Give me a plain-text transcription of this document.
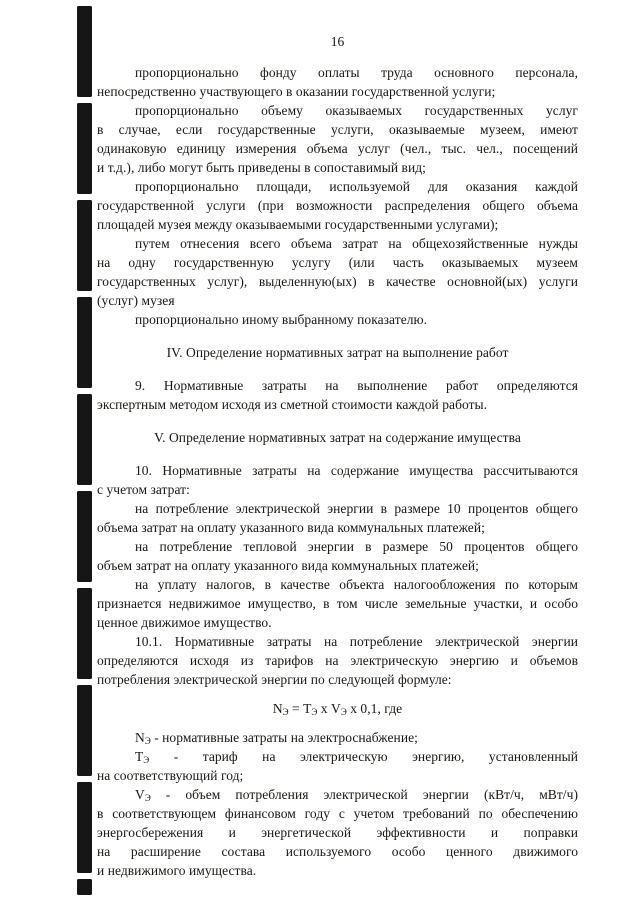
16

пропорционально фонду оплаты труда основного персонала,
непосредственно участвующего в оказании государственной услуги;

пропорционально объему оказываемых государственных услуг
в случае, если государственные услуги, оказываемые музеем, имеют
одинаковую единицу измерения объема услуг (чел., тыс. чел., посещений
и т.д.), либо могут быть приведены в сопоставимый вид;

пропорционально площади, используемой для оказания каждой
государственной услуги (при возможности распределения общего объема
площадей музея между оказываемыми государственными услугами);

путем отнесения всего объема затрат на общехозяйственные нужды
на одну государственную услугу (или часть оказываемых музеем
государственных услуг), выделенную(ых) в качестве основной(ых) услуги
(услуг) музея

пропорционально иному выбранному показателю.

IV. Определение нормативных затрат на выполнение работ

9. Нормативные затраты на выполнение работ определяются
экспертным методом исходя из сметной стоимости каждой работы.

V. Определение нормативных затрат на содержание имущества

10. Нормативные затраты на содержание имущества рассчитываются
с учетом затрат:

на потребление электрической энергии в размере 10 процентов общего
объема затрат на оплату указанного вида коммунальных платежей;

на потребление тепловой энергии в размере 50 процентов общего
объем затрат на оплату указанного вида коммунальных платежей;

на уплату налогов, в качестве объекта налогообложения по которым
признается недвижимое имущество, в том числе земельные участки, и особо
ценное движимое имущество.

10.1. Нормативные затраты на потребление электрической энергии
определяются исходя из тарифов на электрическую энергию и объемов
потребления электрической энергии по следующей формуле:

$N_Э = Т_Э$ х $V_Э$ х 0,1, где

$N_Э$ - нормативные затраты на электроснабжение;

$Т_Э$ - тариф на электрическую энергию, установленный
на соответствующий год;

$V_Э$ - объем потребления электрической энергии (кВт/ч, мВт/ч)
в соответствующем финансовом году с учетом требований по обеспечению
энергосбережения и энергетической эффективности и поправки
на расширение состава используемого особо ценного движимого
и недвижимого имущества.
